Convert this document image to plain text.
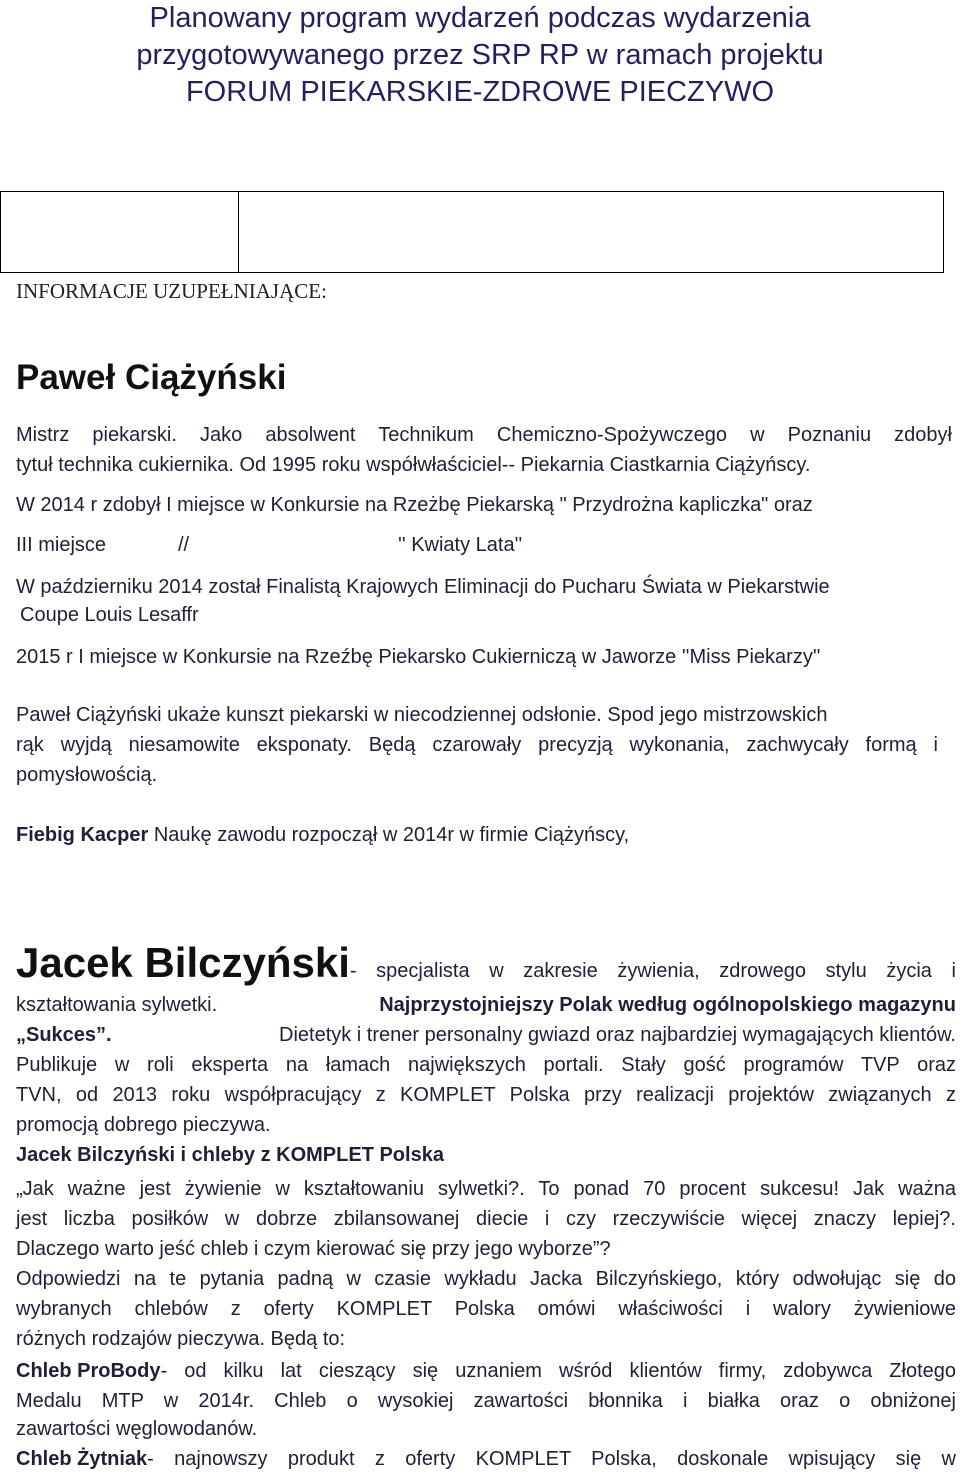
Planowany program wydarzeń podczas wydarzenia
przygotowywanego przez SRP RP w ramach projektu
FORUM PIEKARSKIE-ZDROWE PIECZYWO
INFORMACJE UZUPEŁNIAJĄCE:
Paweł Ciążyński
Mistrz piekarski. Jako absolwent Technikum Chemiczno-Spożywczego w Poznaniu zdobył
tytuł technika cukiernika. Od 1995 roku współwłaściciel-- Piekarnia Ciastkarnia Ciążyńscy.
W 2014 r zdobył I miejsce w Konkursie na Rzeżbę Piekarską " Przydrożna kapliczka" oraz
III miejsce	//	'' Kwiaty Lata''
W październiku 2014 został Finalistą Krajowych Eliminacji do Pucharu Świata w Piekarstwie
Coupe Louis Lesaffr
2015 r I miejsce w Konkursie na Rzeźbę Piekarsko Cukierniczą w Jaworze ''Miss Piekarzy''
Paweł Ciążyński ukaże kunszt piekarski w niecodziennej odsłonie. Spod jego mistrzowskich
rąk wyjdą niesamowite eksponaty. Będą czarowały precyzją wykonania, zachwycały formą i
pomysłowością.
Fiebig Kacper Naukę zawodu rozpoczął w 2014r w firmie Ciążyńscy,
Jacek Bilczyński - specjalista w zakresie żywienia, zdrowego stylu życia i
kształtowania sylwetki.	Najprzystojniejszy Polak według ogólnopolskiego magazynu
„Sukces”.	Dietetyk i trener personalny gwiazd oraz najbardziej wymagających klientów.
Publikuje w roli eksperta na łamach największych portali. Stały gość programów TVP oraz
TVN, od 2013 roku współpracujący z KOMPLET Polska przy realizacji projektów związanych z
promocją dobrego pieczywa.
Jacek Bilczyński i chleby z KOMPLET Polska
„Jak ważne jest żywienie w kształtowaniu sylwetki?. To ponad 70 procent sukcesu! Jak ważna
jest liczba posiłków w dobrze zbilansowanej diecie i czy rzeczywiście więcej znaczy lepiej?.
Dlaczego warto jeść chleb i czym kierować się przy jego wyborze”?
Odpowiedzi na te pytania padną w czasie wykładu Jacka Bilczyńskiego, który odwołując się do
wybranych chlebów z oferty KOMPLET Polska omówi właściwości i walory żywieniowe
różnych rodzajów pieczywa. Będą to:
Chleb ProBody - od kilku lat cieszący się uznaniem wśród klientów firmy, zdobywca Złotego
Medalu MTP w 2014r. Chleb o wysokiej zawartości błonnika i białka oraz o obniżonej
zawartości węglowodanów.
Chleb Żytniak - najnowszy produkt z oferty KOMPLET Polska, doskonale wpisujący się w
